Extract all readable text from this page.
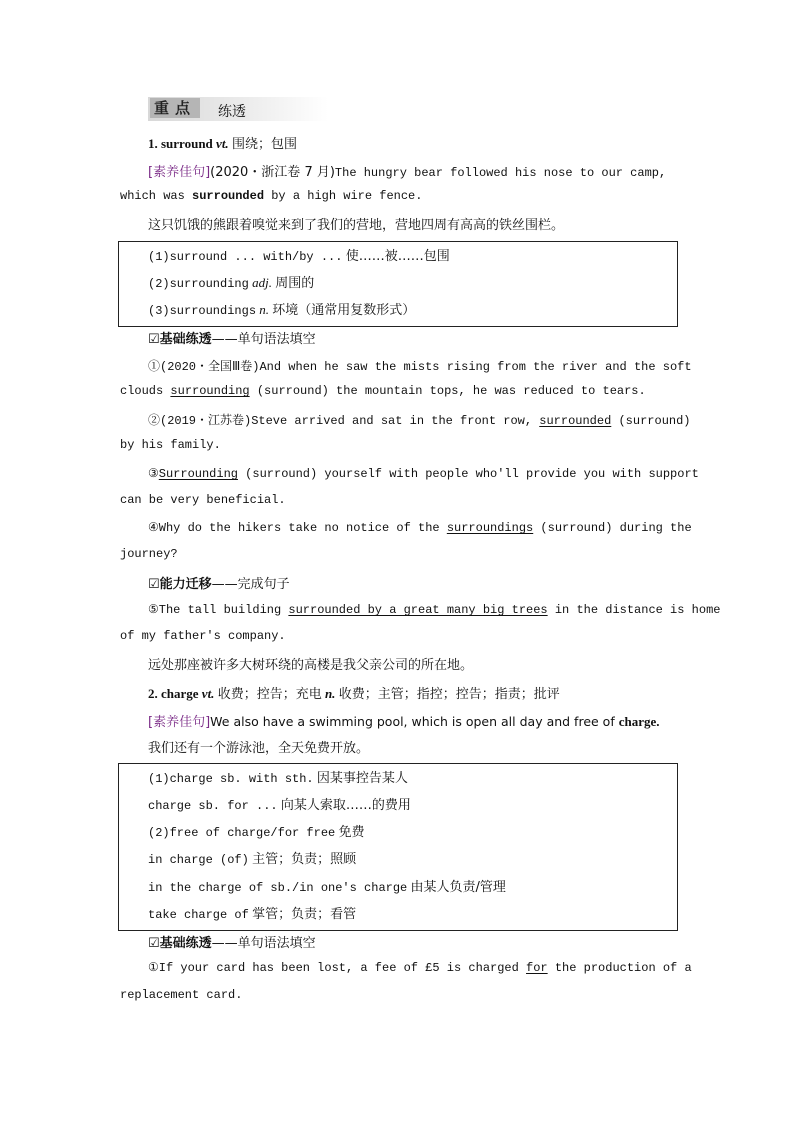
重点 练透
1. surround vt. 围绕；包围
[素养佳句](2020・浙江卷 7 月)The hungry bear followed his nose to our camp,
which was surrounded by a high wire fence.
这只饥饿的熊跟着嗅觉来到了我们的营地，营地四周有高高的铁丝围栏。
(1)surround ... with/by ... 使……被……包围
(2)surrounding adj. 周围的
(3)surroundings n. 环境（通常用复数形式）
☑基础练透——单句语法填空
①(2020・全国Ⅲ卷)And when he saw the mists rising from the river and the soft
clouds surrounding (surround) the mountain tops, he was reduced to tears.
②(2019・江苏卷)Steve arrived and sat in the front row, surrounded (surround)
by his family.
③Surrounding (surround) yourself with people who'll provide you with support
can be very beneficial.
④Why do the hikers take no notice of the surroundings (surround) during the
journey?
☑能力迁移——完成句子
⑤The tall building surrounded by a great many big trees in the distance is home
of my father's company.
远处那座被许多大树环绕的高楼是我父亲公司的所在地。
2. charge vt. 收费；控告；充电 n. 收费；主管；指控；控告；指责；批评
[素养佳句]We also have a swimming pool, which is open all day and free of charge.
我们还有一个游泳池，全天免费开放。
(1)charge sb. with sth. 因某事控告某人
charge sb. for ... 向某人索取……的费用
(2)free of charge/for free 免费
in charge (of) 主管；负责；照顾
in the charge of sb./in one's charge 由某人负责/管理
take charge of 掌管；负责；看管
☑基础练透——单句语法填空
①If your card has been lost, a fee of £5 is charged for the production of a
replacement card.
